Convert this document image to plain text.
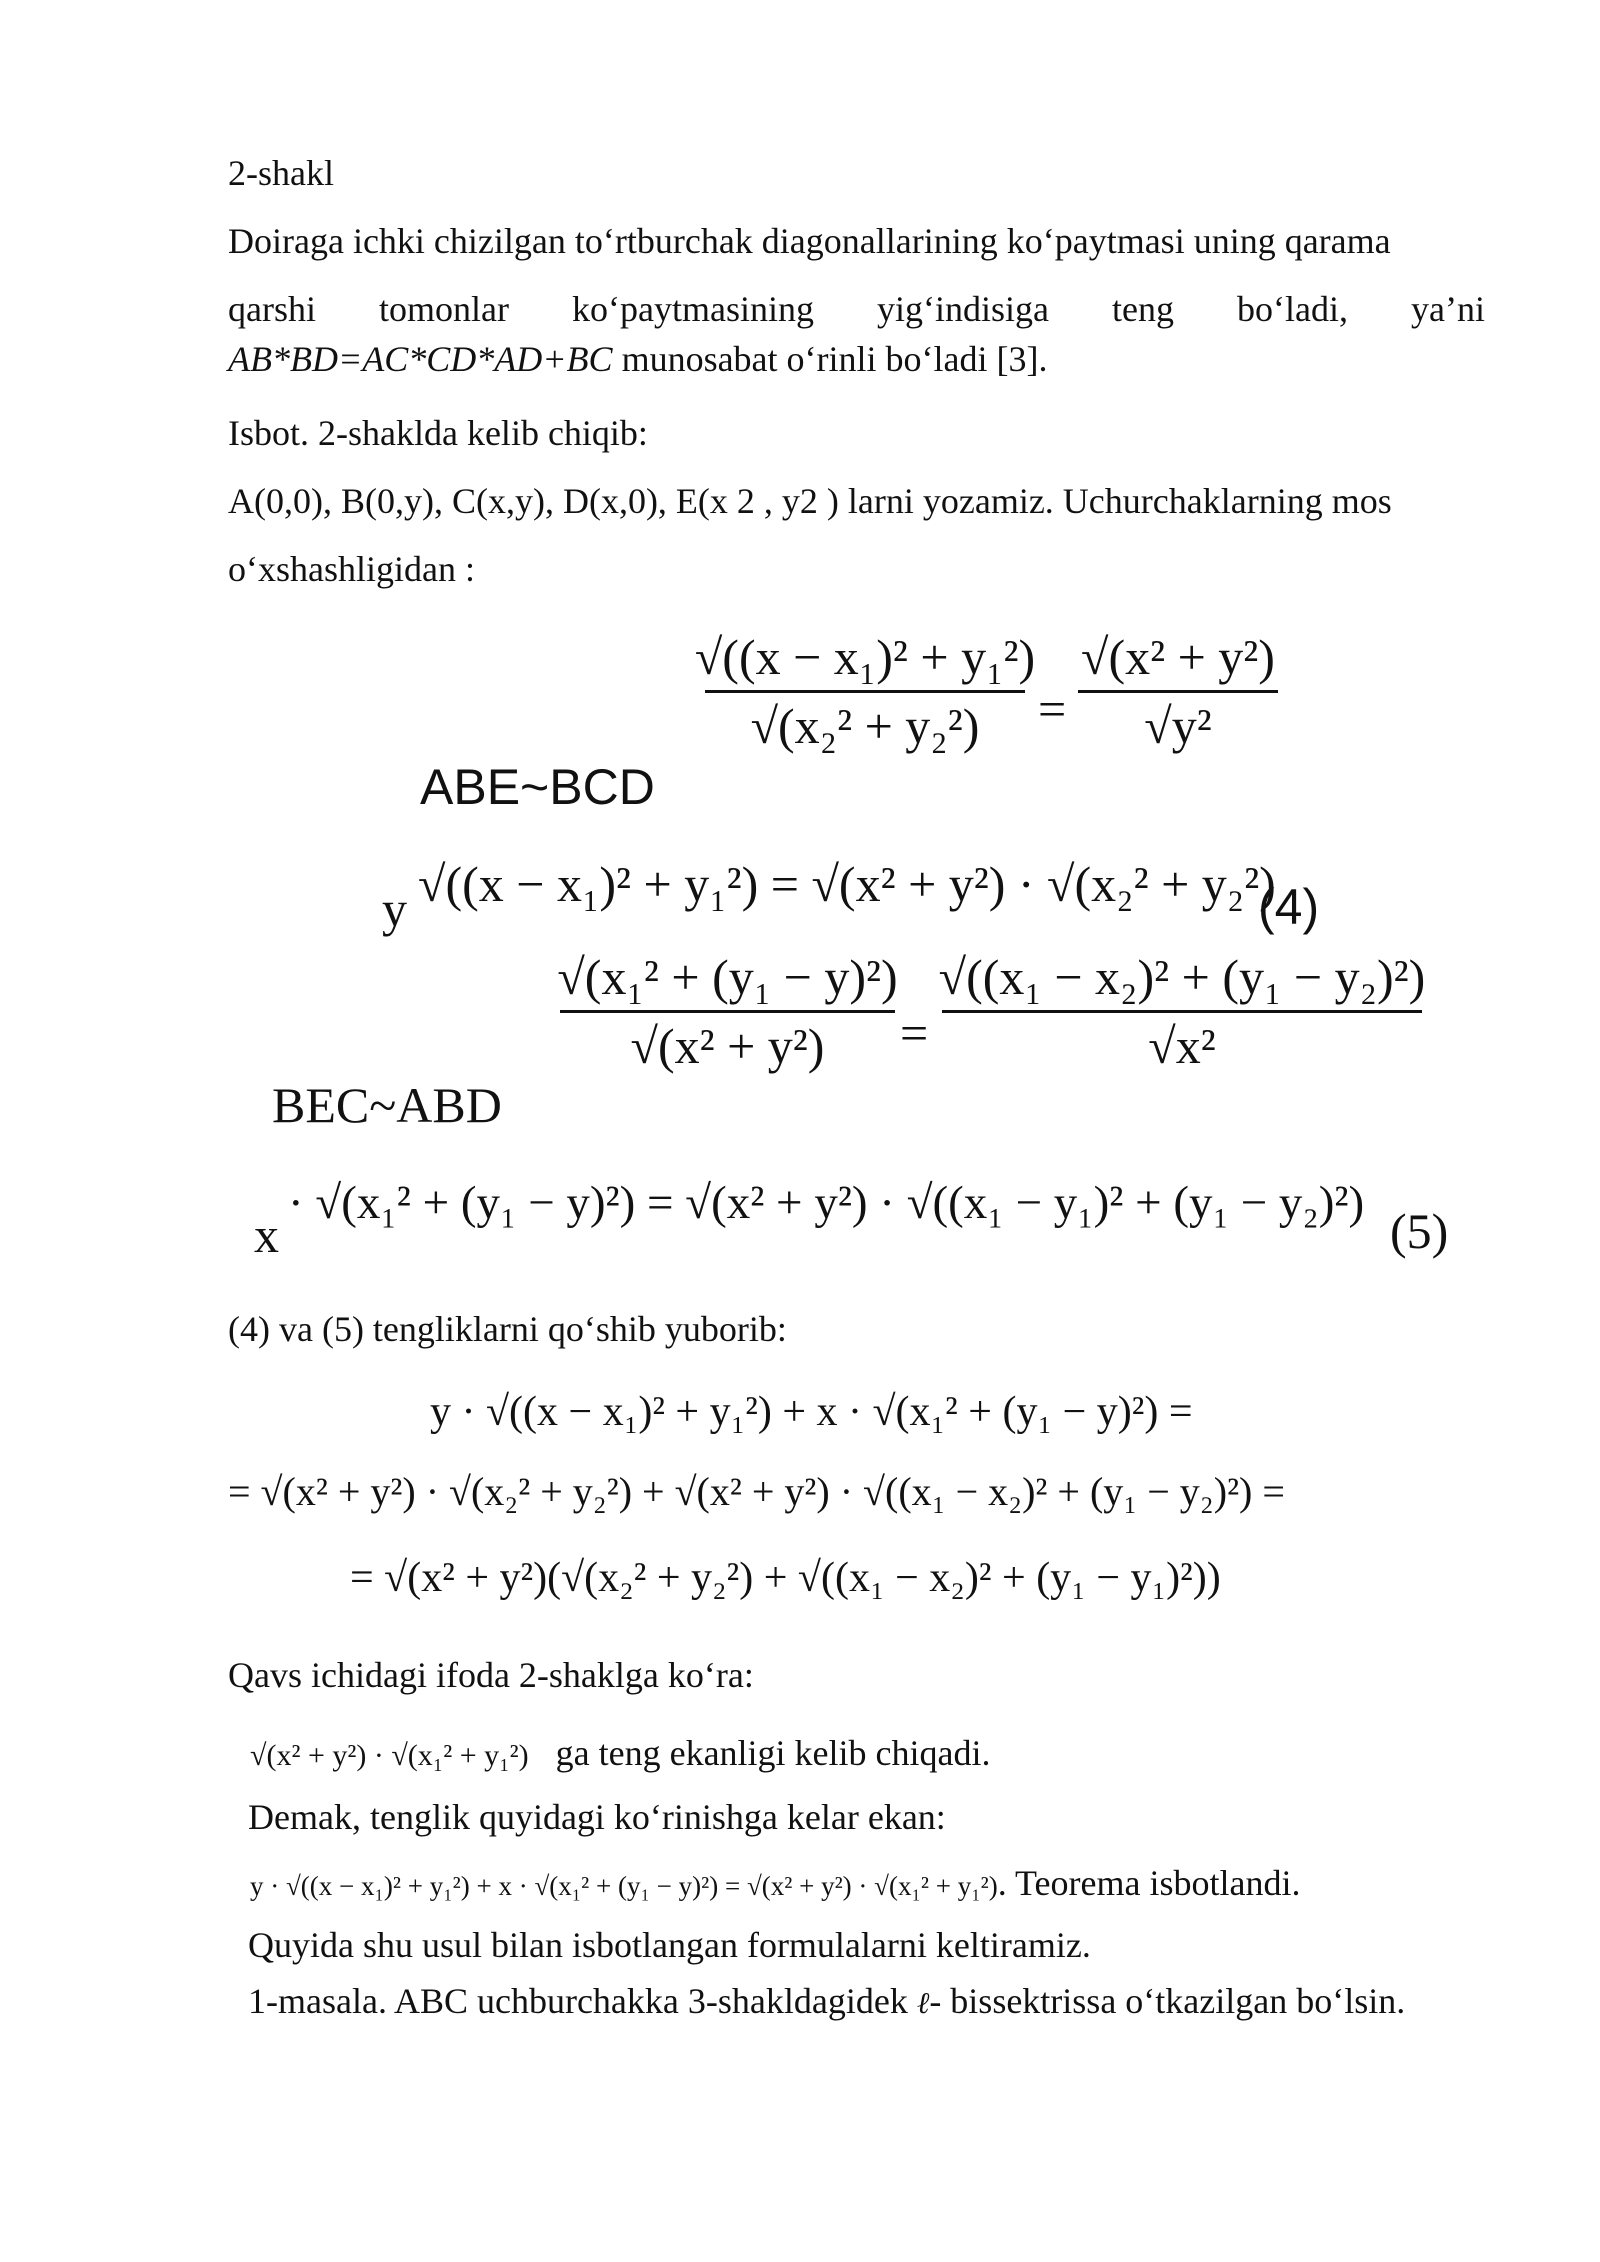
2-shakl
Doiraga ichki chizilgan to‘rtburchak diagonallarining ko‘paytmasi uning qarama
qarshi tomonlar ko‘paytmasining yig‘indisiga teng bo‘ladi, ya’ni
AB*BD=AC*CD*AD+BC munosabat o‘rinli bo‘ladi [3].
Isbot. 2-shaklda kelib chiqib:
A(0,0), B(0,y), C(x,y), D(x,0), E(x 2 , y2 ) larni yozamiz. Uchurchaklarning mos
o‘xshashligidan :
√((x − x₁)² + y₁²)
√(x₂² + y₂²) =
√(x² + y²)
√y²
ABE~BCD
y √((x − x₁)² + y₁²) = √(x² + y²) · √(x₂² + y₂²)
(4)
√(x₁² + (y₁ − y)²)
√(x² + y²) =
√((x₁ − x₂)² + (y₁ − y₂)²)
√x²
BEC~ABD
x
· √(x₁² + (y₁ − y)²) = √(x² + y²) · √((x₁ − y₁)² + (y₁ − y₂)²) (5)
(4) va (5) tengliklarni qo‘shib yuborib:
y · √((x − x₁)² + y₁²) + x · √(x₁² + (y₁ − y)²) =
= √(x² + y²) · √(x₂² + y₂²) + √(x² + y²) · √((x₁ − x₂)² + (y₁ − y₂)²) =
= √(x² + y²)(√(x₂² + y₂²) + √((x₁ − x₂)² + (y₁ − y₁)²))
Qavs ichidagi ifoda 2-shaklga ko‘ra:
√(x² + y²) · √(x₁² + y₁²) ga teng ekanligi kelib chiqadi.
Demak, tenglik quyidagi ko‘rinishga kelar ekan:
y · √((x − x₁)² + y₁²) + x · √(x₁² + (y₁ − y)²) = √(x² + y²) · √(x₁² + y₁²). Teorema isbotlandi.
Quyida shu usul bilan isbotlangan formulalarni keltiramiz.
1-masala. ABC uchburchakka 3-shakldagidek ℓ- bissektrissa o‘tkazilgan bo‘lsin.
